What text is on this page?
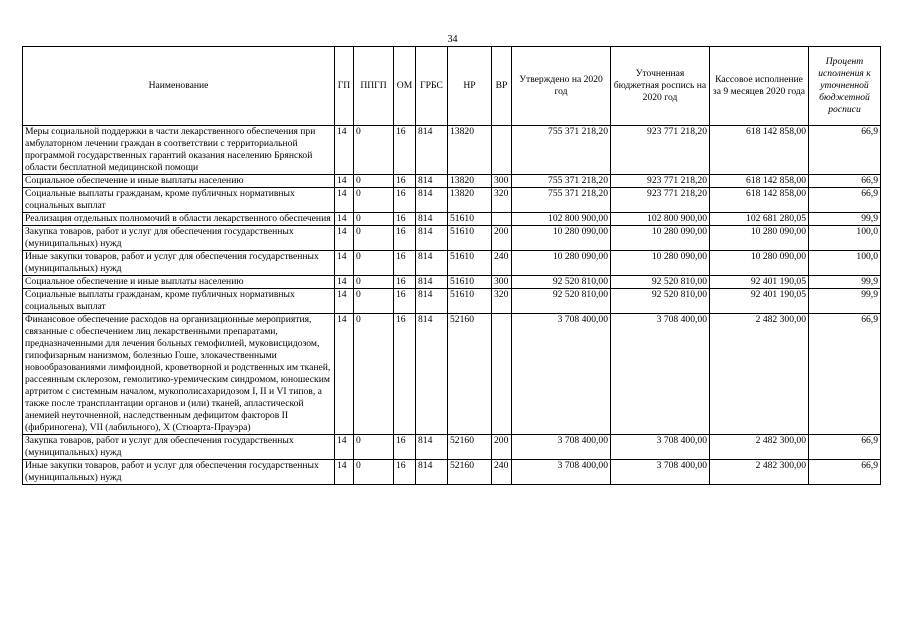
34
Наименование	ГП	ППГП	ОМ	ГРБС	НР	ВР	Утверждено на 2020 год	Уточненная бюджетная роспись на 2020 год	Кассовое исполнение за 9 месяцев 2020 года	Процент исполнения к уточненной бюджетной росписи
Меры социальной поддержки в части лекарственного обеспечения при амбулаторном лечении граждан в соответствии с территориальной программой государственных гарантий оказания населению Брянской области бесплатной медицинской помощи	14	0	16	814	13820		755 371 218,20	923 771 218,20	618 142 858,00	66,9
Социальное обеспечение и иные выплаты населению	14	0	16	814	13820	300	755 371 218,20	923 771 218,20	618 142 858,00	66,9
Социальные выплаты гражданам, кроме публичных нормативных социальных выплат	14	0	16	814	13820	320	755 371 218,20	923 771 218,20	618 142 858,00	66,9
Реализация отдельных полномочий в области лекарственного обеспечения	14	0	16	814	51610		102 800 900,00	102 800 900,00	102 681 280,05	99,9
Закупка товаров, работ и услуг для обеспечения государственных (муниципальных) нужд	14	0	16	814	51610	200	10 280 090,00	10 280 090,00	10 280 090,00	100,0
Иные закупки товаров, работ и услуг для обеспечения государственных (муниципальных) нужд	14	0	16	814	51610	240	10 280 090,00	10 280 090,00	10 280 090,00	100,0
Социальное обеспечение и иные выплаты населению	14	0	16	814	51610	300	92 520 810,00	92 520 810,00	92 401 190,05	99,9
Социальные выплаты гражданам, кроме публичных нормативных социальных выплат	14	0	16	814	51610	320	92 520 810,00	92 520 810,00	92 401 190,05	99,9
Финансовое обеспечение расходов на организационные мероприятия, связанные с обеспечением лиц лекарственными препаратами, предназначенными для лечения больных гемофилией, муковисцидозом, гипофизарным нанизмом, болезнью Гоше, злокачественными новообразованиями лимфоидной, кроветворной и родственных им тканей, рассеянным склерозом, гемолитико-уремическим синдромом, юношеским артритом с системным началом, мукополисахаридозом I, II и VI типов, а также после трансплантации органов и (или) тканей, апластической анемией неуточненной, наследственным дефицитом факторов II (фибриногена), VII (лабильного), X (Стюарта-Прауэра)	14	0	16	814	52160		3 708 400,00	3 708 400,00	2 482 300,00	66,9
Закупка товаров, работ и услуг для обеспечения государственных (муниципальных) нужд	14	0	16	814	52160	200	3 708 400,00	3 708 400,00	2 482 300,00	66,9
Иные закупки товаров, работ и услуг для обеспечения государственных (муниципальных) нужд	14	0	16	814	52160	240	3 708 400,00	3 708 400,00	2 482 300,00	66,9
